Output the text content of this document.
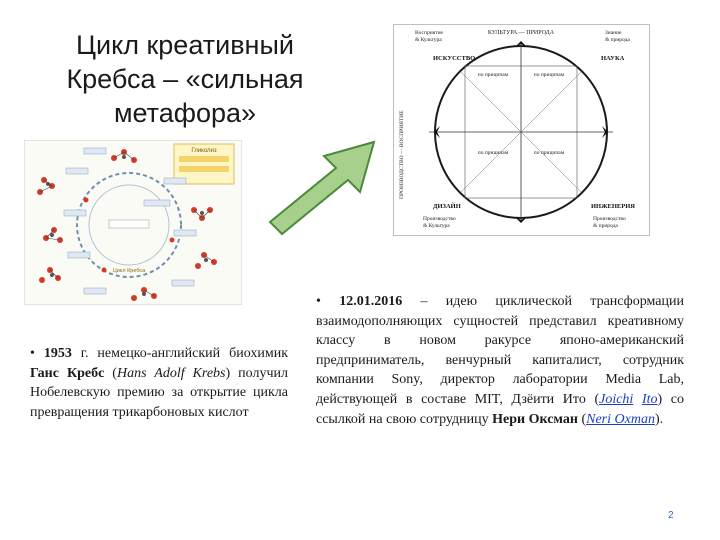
Цикл креативный
Кребса – «сильная
метафора»
Гликолиз
Цикл Кребса
КУЛЬТУРА — ПРИРОДА
Восприятие
& Культура
Знание
& природа
ИСКУССТВО	НАУКА
ДИЗАЙН	ИНЖЕНЕРИЯ
Производство
& Культура
Производство
& природа
ПРОИЗВОДСТВО — ВОСПРИЯТИЕ
по приципам	по приципам
по приципам	по приципам
• 1953 г. немецко-английский биохимик Ганс Кребс (Hans Adolf Krebs) получил Нобелевскую премию за открытие цикла превращения трикарбоновых кислот
• 12.01.2016 – идею циклической трансформации взаимодополняющих сущностей представил креативному классу в новом ракурсе японо-американский предприниматель, венчурный капиталист, сотрудник компании Sony, директор лаборатории Media Lab, действующей в составе MIT, Дзёити Ито (Joichi Ito) со ссылкой на свою сотрудницу Нери Оксман (Neri Oxman).
2
